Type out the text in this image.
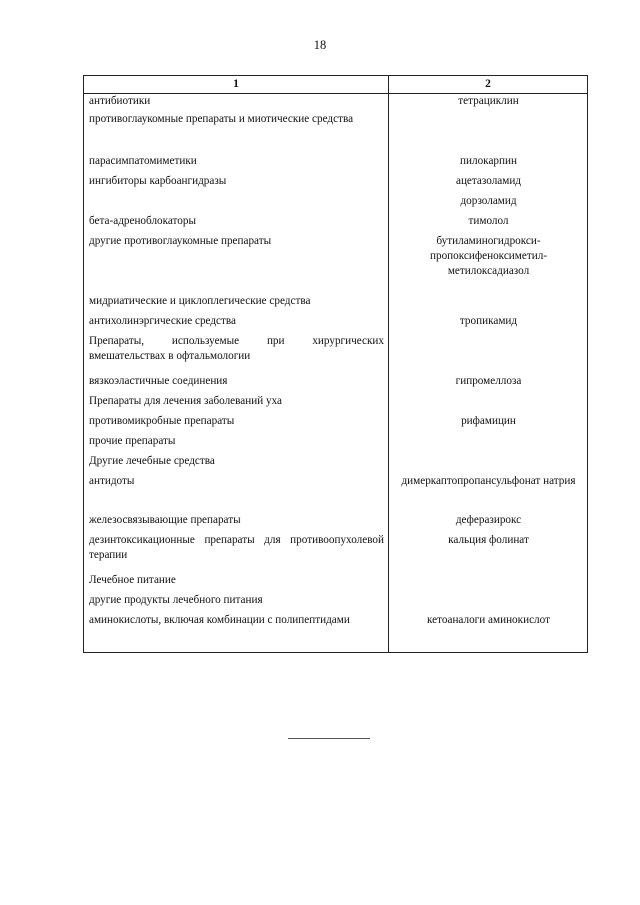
18
1	2
антибиотики	тетрациклин
противоглаукомные препараты и миотические средства	
парасимпатомиметики	пилокарпин
ингибиторы карбоангидразы	ацетазоламид
	дорзоламид
бета-адреноблокаторы	тимолол
другие противоглаукомные препараты	бутиламиногидрокси-пропоксифеноксиметил-метилоксадиазол
мидриатические и циклоплегические средства	
антихолинэргические средства	тропикамид
Препараты, используемые при хирургических вмешательствах в офтальмологии	
вязкоэластичные соединения	гипромеллоза
Препараты для лечения заболеваний уха	
противомикробные препараты	рифамицин
прочие препараты	
Другие лечебные средства	
антидоты	димеркаптопропансульфонат натрия
железосвязывающие препараты	деферазирокс
дезинтоксикационные препараты для противоопухолевой терапии	кальция фолинат
Лечебное питание	
другие продукты лечебного питания	
аминокислоты, включая комбинации с полипептидами	кетоаналоги аминокислот
